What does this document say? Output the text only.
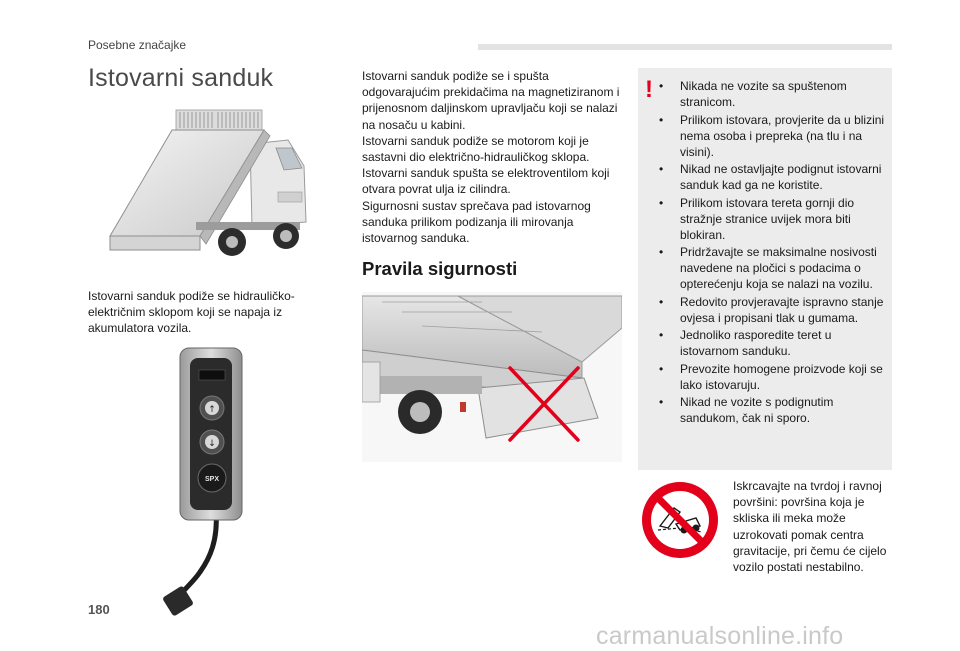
Posebne značajke
Istovarni sanduk
Istovarni sanduk podiže se hidrauličko-električnim sklopom koji se napaja iz akumulatora vozila.
↑
↓
SPX
Istovarni sanduk podiže se i spušta odgovarajućim prekidačima na magnetiziranom i prijenosnom daljinskom upravljaču koji se nalazi na nosaču u kabini.
Istovarni sanduk podiže se motorom koji je sastavni dio električno-hidrauličkog sklopa.
Istovarni sanduk spušta se elektroventilom koji otvara povrat ulja iz cilindra.
Sigurnosni sustav sprečava pad istovarnog sanduka prilikom podizanja ili mirovanja istovarnog sanduka.
Pravila sigurnosti
! • Nikada ne vozite sa spuštenom stranicom.
• Prilikom istovara, provjerite da u blizini nema osoba i prepreka (na tlu i na visini).
• Nikad ne ostavljajte podignut istovarni sanduk kad ga ne koristite.
• Prilikom istovara tereta gornji dio stražnje stranice uvijek mora biti blokiran.
• Pridržavajte se maksimalne nosivosti navedene na pločici s podacima o opterećenju koja se nalazi na vozilu.
• Redovito provjeravajte ispravno stanje ovjesa i propisani tlak u gumama.
• Jednoliko rasporedite teret u istovarnom sanduku.
• Prevozite homogene proizvode koji se lako istovaruju.
• Nikad ne vozite s podignutim sandukom, čak ni sporo.
Iskrcavajte na tvrdoj i ravnoj površini: površina koja je skliska ili meka može uzrokovati pomak centra gravitacije, pri čemu će cijelo vozilo postati nestabilno.
180
carmanualsonline.info
